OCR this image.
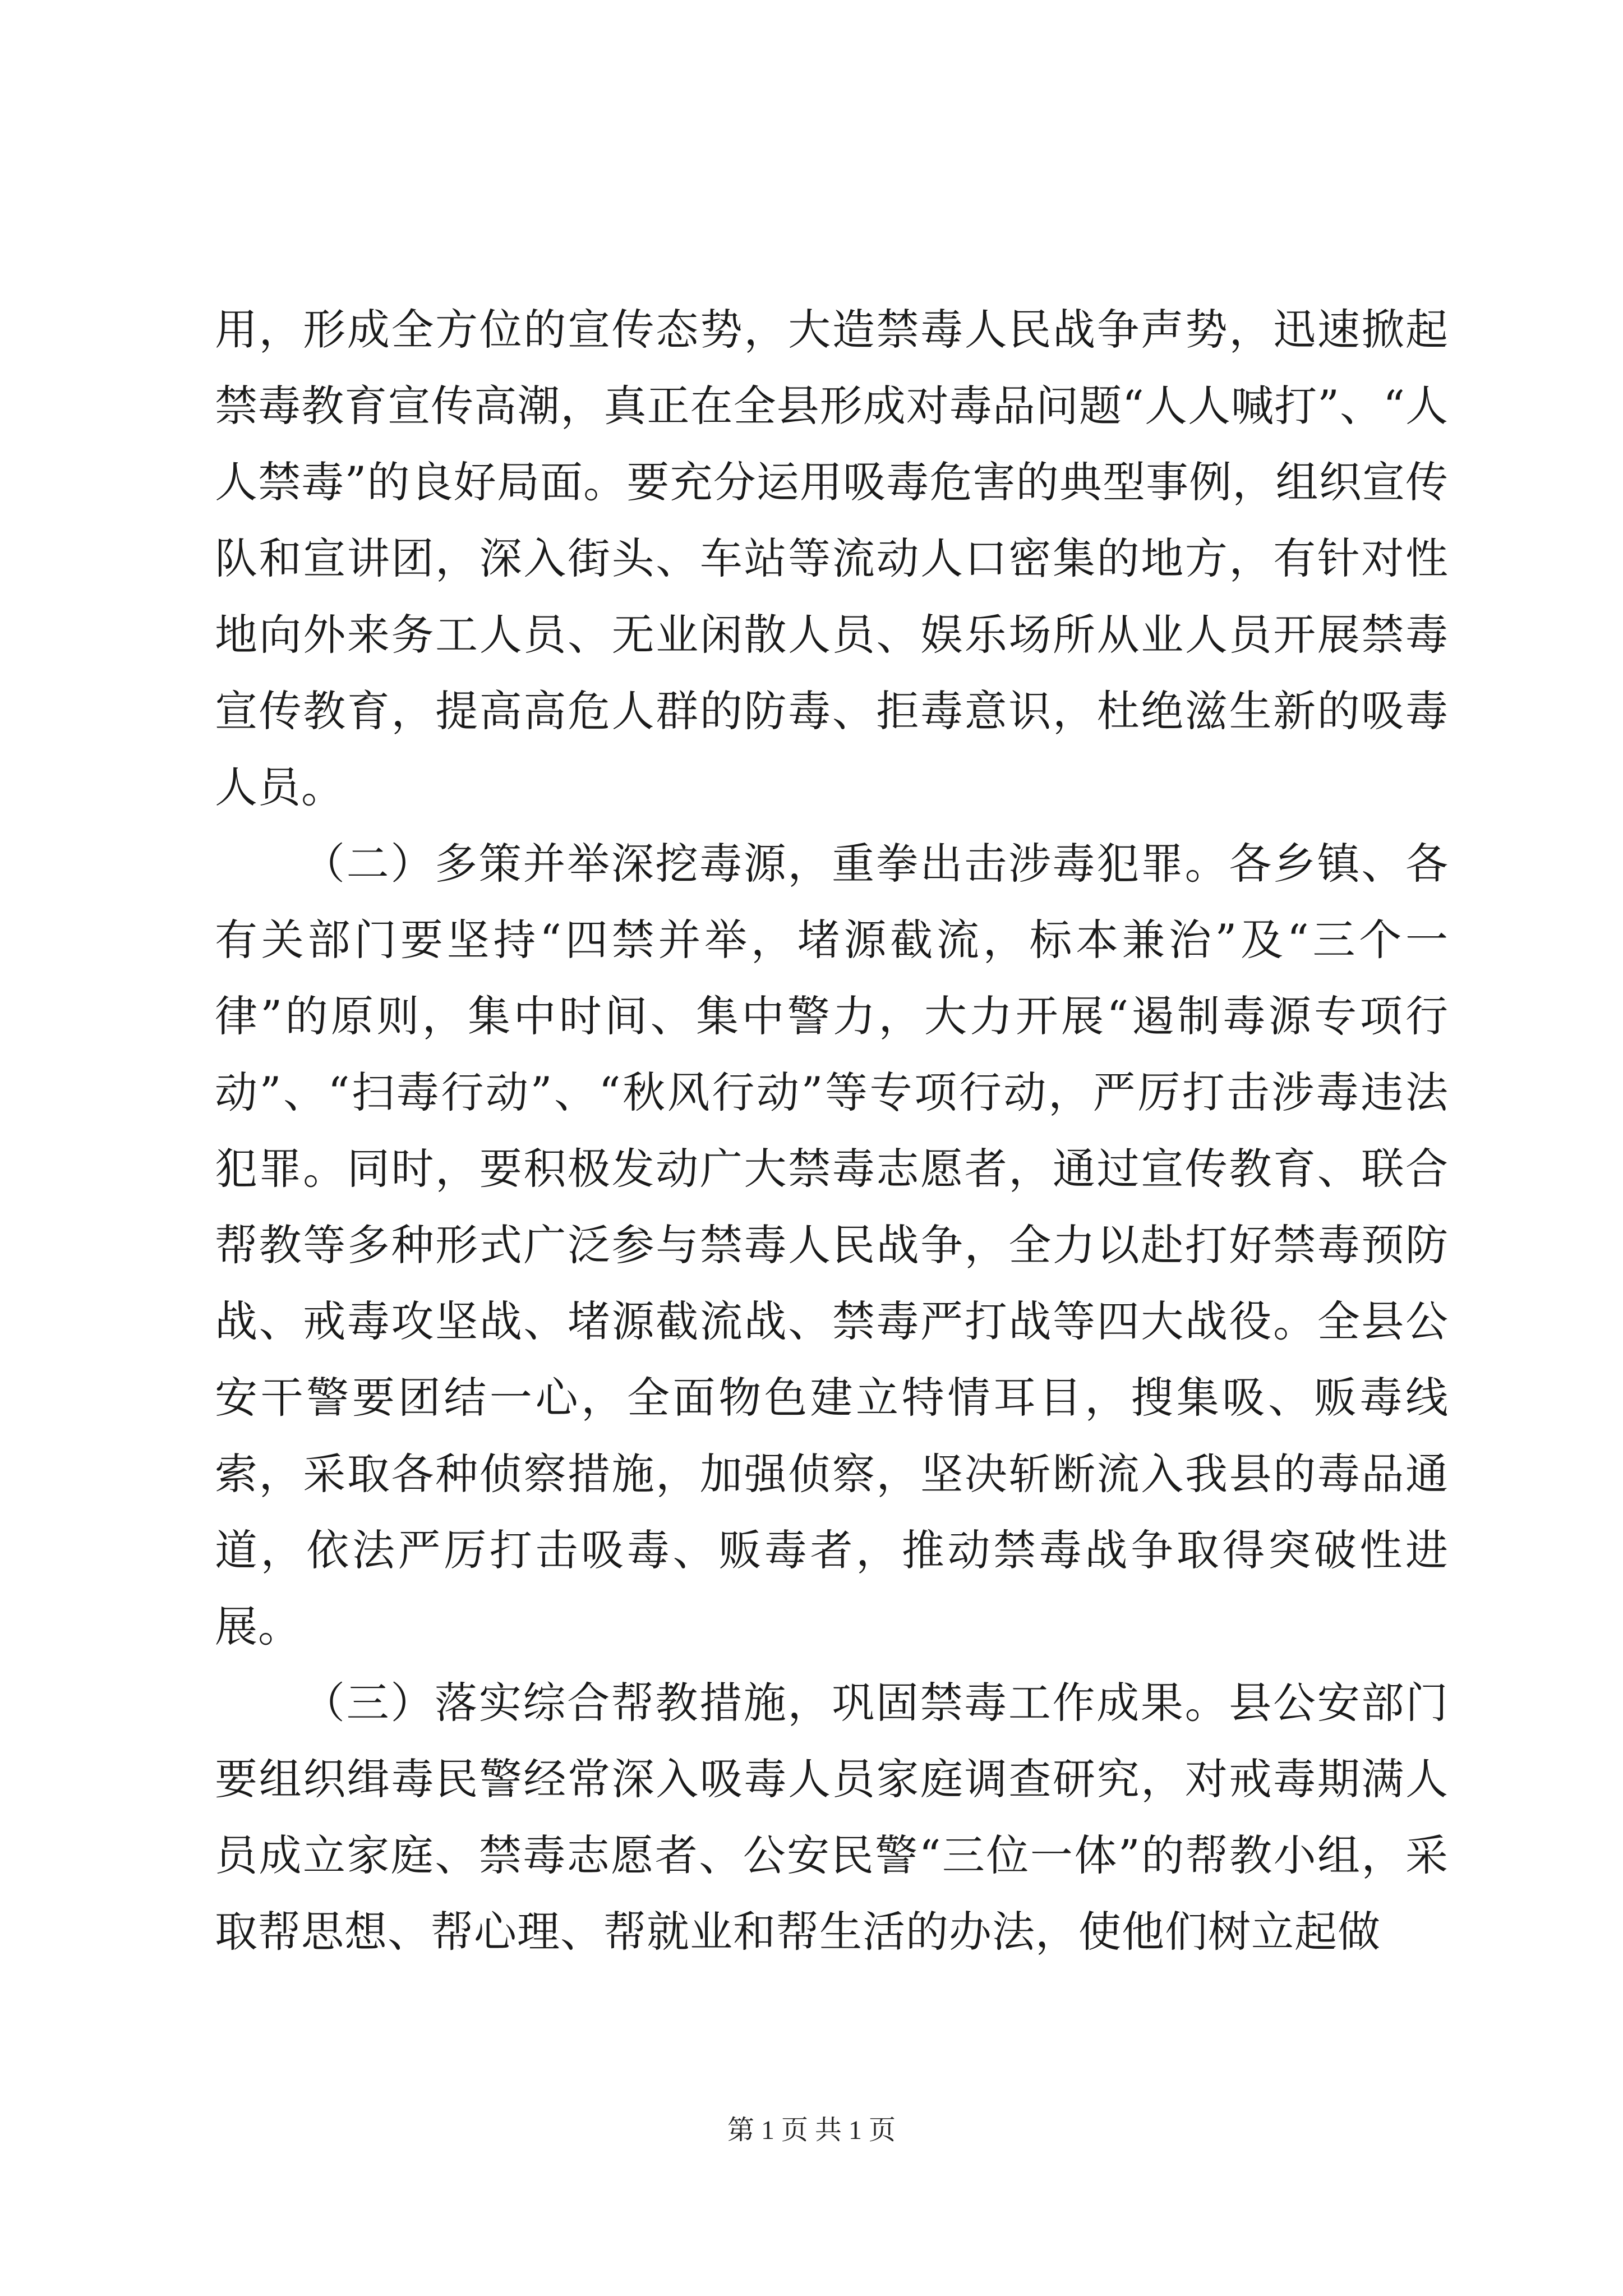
用，形成全方位的宣传态势，大造禁毒人民战争声势，迅速掀起禁毒教育宣传高潮，真正在全县形成对毒品问题“人人喊打”、“人人禁毒”的良好局面。要充分运用吸毒危害的典型事例，组织宣传队和宣讲团，深入街头、车站等流动人口密集的地方，有针对性地向外来务工人员、无业闲散人员、娱乐场所从业人员开展禁毒宣传教育，提高高危人群的防毒、拒毒意识，杜绝滋生新的吸毒人员。

（二）多策并举深挖毒源，重拳出击涉毒犯罪。各乡镇、各有关部门要坚持“四禁并举，堵源截流，标本兼治”及“三个一律”的原则，集中时间、集中警力，大力开展“遏制毒源专项行动”、“扫毒行动”、“秋风行动”等专项行动，严厉打击涉毒违法犯罪。同时，要积极发动广大禁毒志愿者，通过宣传教育、联合帮教等多种形式广泛参与禁毒人民战争，全力以赴打好禁毒预防战、戒毒攻坚战、堵源截流战、禁毒严打战等四大战役。全县公安干警要团结一心，全面物色建立特情耳目，搜集吸、贩毒线索，采取各种侦察措施，加强侦察，坚决斩断流入我县的毒品通道，依法严厉打击吸毒、贩毒者，推动禁毒战争取得突破性进展。

（三）落实综合帮教措施，巩固禁毒工作成果。县公安部门要组织缉毒民警经常深入吸毒人员家庭调查研究，对戒毒期满人员成立家庭、禁毒志愿者、公安民警“三位一体”的帮教小组，采取帮思想、帮心理、帮就业和帮生活的办法，使他们树立起做

第 1 页 共 1 页
